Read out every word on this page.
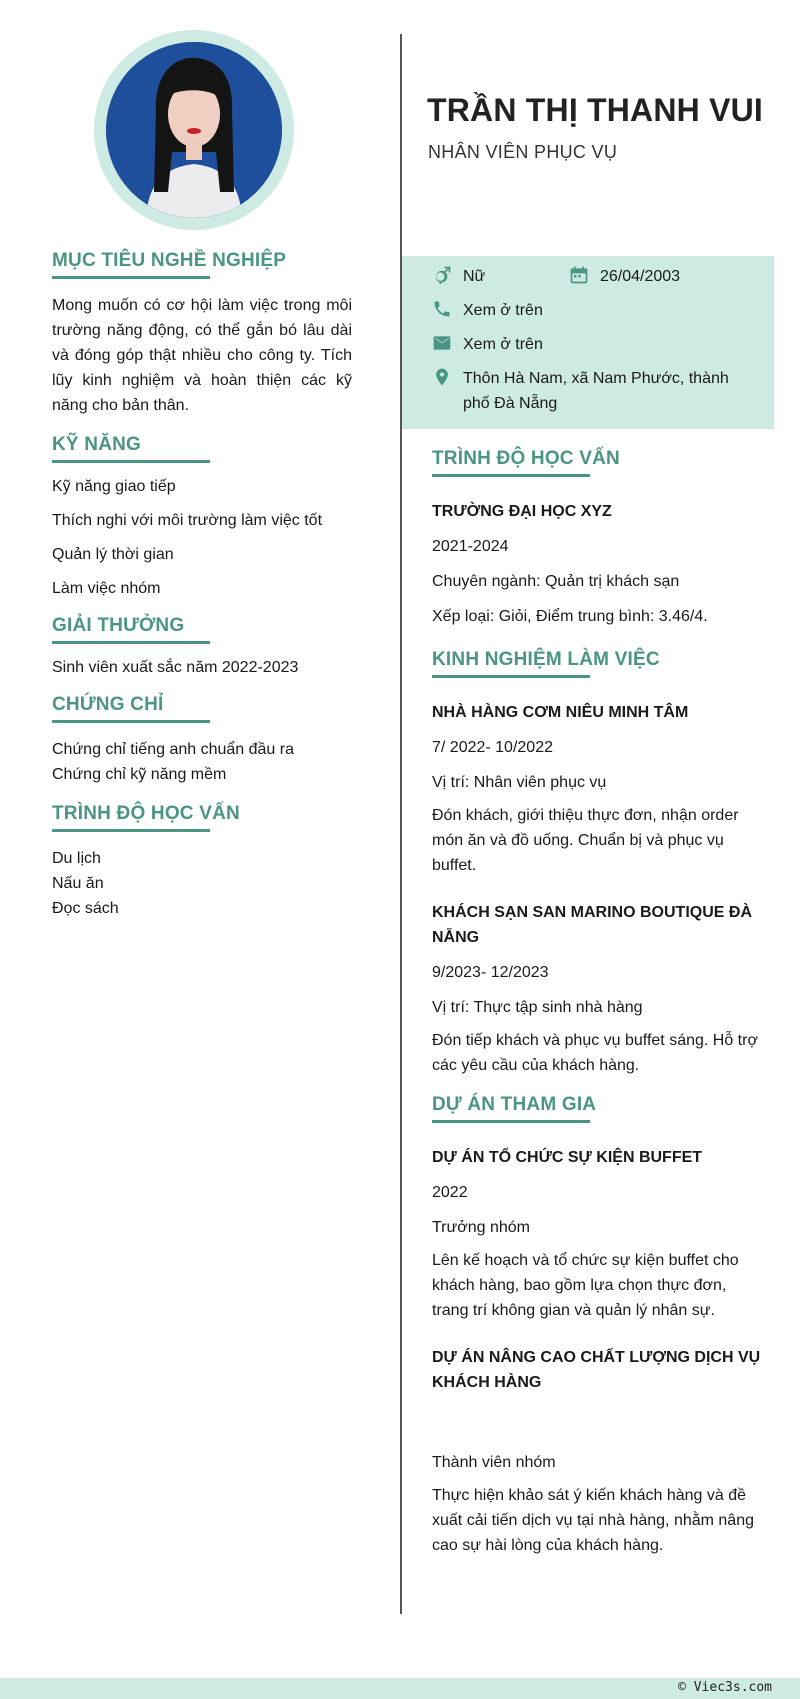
MỤC TIÊU NGHỀ NGHIỆP
Mong muốn có cơ hội làm việc trong môi trường năng động, có thể gắn bó lâu dài và đóng góp thật nhiều cho công ty. Tích lũy kinh nghiệm và hoàn thiện các kỹ năng cho bản thân.
KỸ NĂNG
Kỹ năng giao tiếp
Thích nghi với môi trường làm việc tốt
Quản lý thời gian
Làm việc nhóm
GIẢI THƯỞNG
Sinh viên xuất sắc năm 2022-2023
CHỨNG CHỈ
Chứng chỉ tiếng anh chuẩn đầu ra
Chứng chỉ kỹ năng mềm
TRÌNH ĐỘ HỌC VẤN
Du lịch
Nấu ăn
Đọc sách
TRẦN THỊ THANH VUI
NHÂN VIÊN PHỤC VỤ
Nữ	26/04/2003
Xem ở trên
Xem ở trên
Thôn Hà Nam, xã Nam Phước, thành phố Đà Nẵng
TRÌNH ĐỘ HỌC VẤN
TRƯỜNG ĐẠI HỌC XYZ
2021-2024
Chuyên ngành: Quản trị khách sạn
Xếp loại: Giỏi, Điểm trung bình: 3.46/4.
KINH NGHIỆM LÀM VIỆC
NHÀ HÀNG CƠM NIÊU MINH TÂM
7/ 2022- 10/2022
Vị trí: Nhân viên phục vụ
Đón khách, giới thiệu thực đơn, nhận order món ăn và đồ uống. Chuẩn bị và phục vụ buffet.
KHÁCH SẠN SAN MARINO BOUTIQUE ĐÀ NẴNG
9/2023- 12/2023
Vị trí: Thực tập sinh nhà hàng
Đón tiếp khách và phục vụ buffet sáng. Hỗ trợ các yêu cầu của khách hàng.
DỰ ÁN THAM GIA
DỰ ÁN TỔ CHỨC SỰ KIỆN BUFFET
2022
Trưởng nhóm
Lên kế hoạch và tổ chức sự kiện buffet cho khách hàng, bao gồm lựa chọn thực đơn, trang trí không gian và quản lý nhân sự.
DỰ ÁN NÂNG CAO CHẤT LƯỢNG DỊCH VỤ KHÁCH HÀNG
Thành viên nhóm
Thực hiện khảo sát ý kiến khách hàng và đề xuất cải tiến dịch vụ tại nhà hàng, nhằm nâng cao sự hài lòng của khách hàng.
© Viec3s.com
